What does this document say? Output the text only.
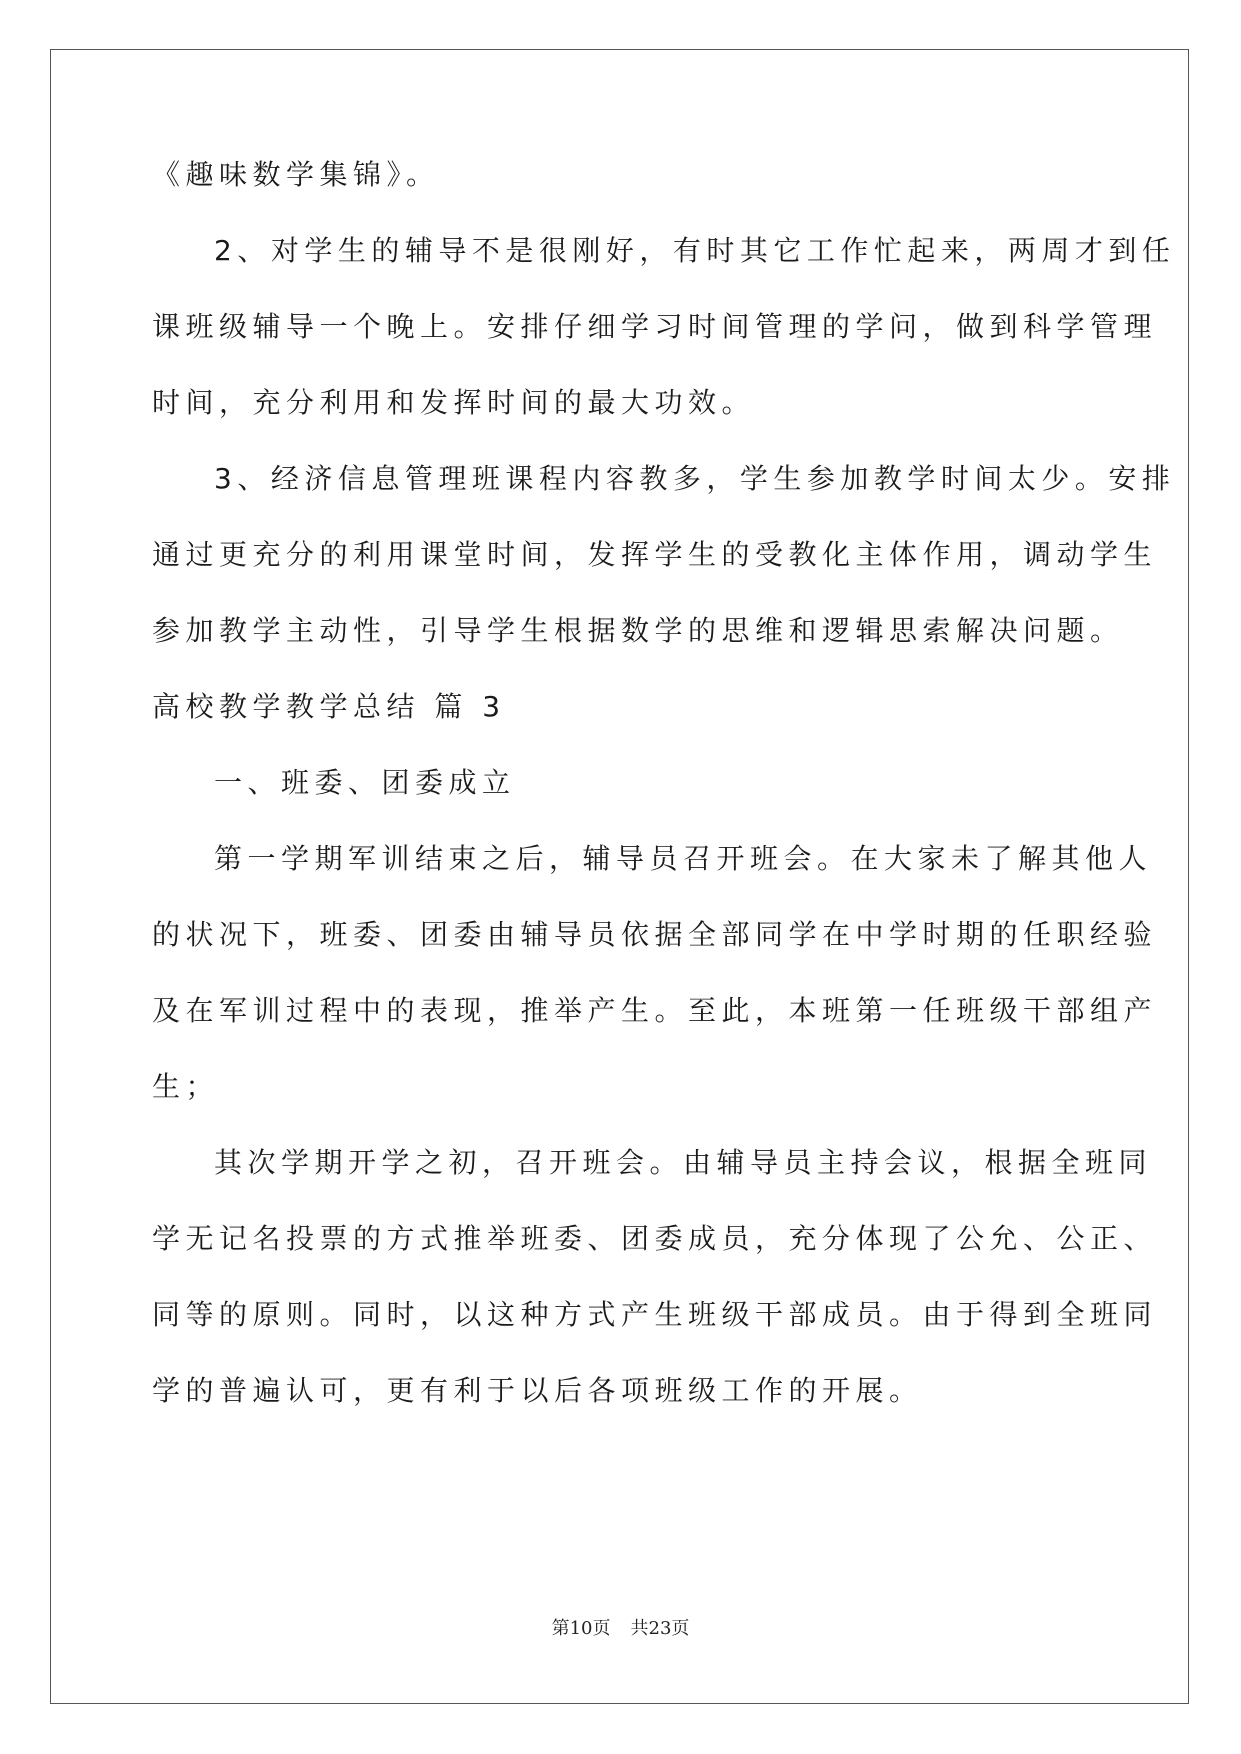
《趣味数学集锦》。
2、对学生的辅导不是很刚好，有时其它工作忙起来，两周才到任
课班级辅导一个晚上。安排仔细学习时间管理的学问，做到科学管理
时间，充分利用和发挥时间的最大功效。
3、经济信息管理班课程内容教多，学生参加教学时间太少。安排
通过更充分的利用课堂时间，发挥学生的受教化主体作用，调动学生
参加教学主动性，引导学生根据数学的思维和逻辑思索解决问题。
高校教学教学总结 篇 3
一、班委、团委成立
第一学期军训结束之后，辅导员召开班会。在大家未了解其他人
的状况下，班委、团委由辅导员依据全部同学在中学时期的任职经验
及在军训过程中的表现，推举产生。至此，本班第一任班级干部组产
生；
其次学期开学之初，召开班会。由辅导员主持会议，根据全班同
学无记名投票的方式推举班委、团委成员，充分体现了公允、公正、
同等的原则。同时，以这种方式产生班级干部成员。由于得到全班同
学的普遍认可，更有利于以后各项班级工作的开展。
第10页 共23页
